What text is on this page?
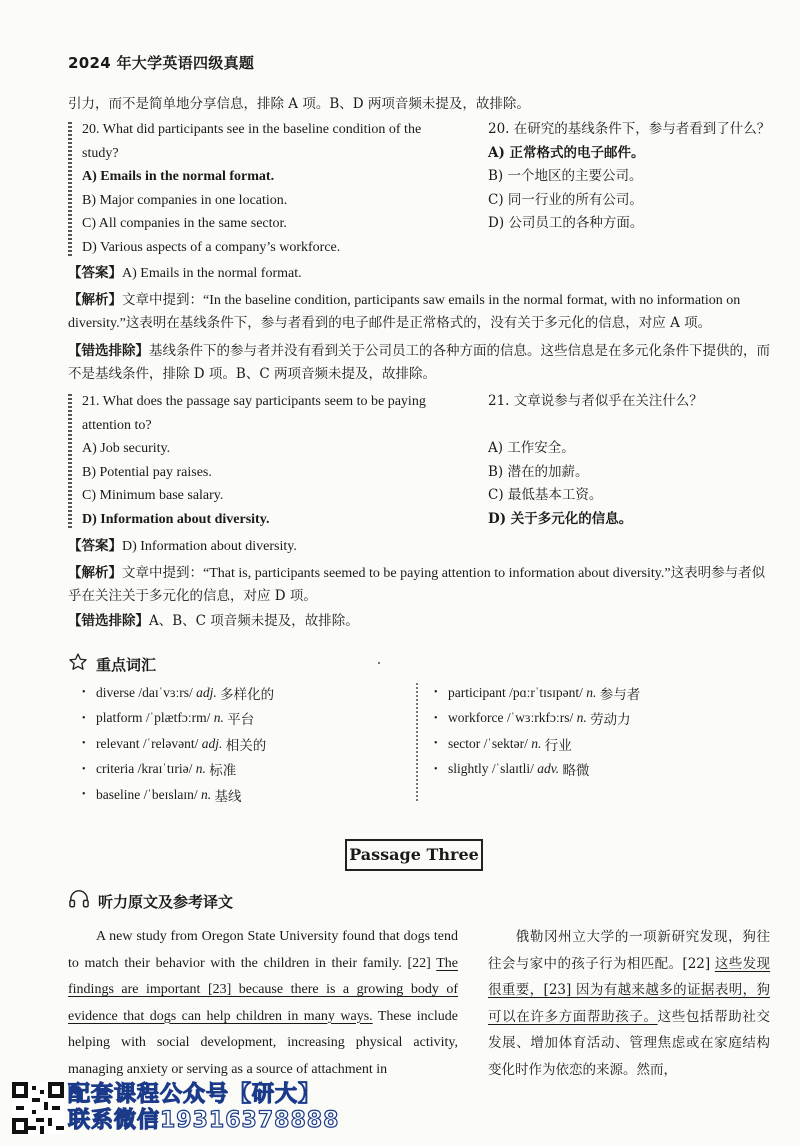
2024 年大学英语四级真题
引力，而不是简单地分享信息，排除 A 项。B、D 两项音频未提及，故排除。
20. What did participants see in the baseline condition of the study?
A) Emails in the normal format.
B) Major companies in one location.
C) All companies in the same sector.
D) Various aspects of a company’s workforce.
20. 在研究的基线条件下，参与者看到了什么？
A) 正常格式的电子邮件。
B) 一个地区的主要公司。
C) 同一行业的所有公司。
D) 公司员工的各种方面。
【答案】A) Emails in the normal format.
【解析】文章中提到：“In the baseline condition, participants saw emails in the normal format, with no information on diversity.”这表明在基线条件下，参与者看到的电子邮件是正常格式的，没有关于多元化的信息，对应 A 项。
【错选排除】基线条件下的参与者并没有看到关于公司员工的各种方面的信息。这些信息是在多元化条件下提供的，而不是基线条件，排除 D 项。B、C 两项音频未提及，故排除。
21. What does the passage say participants seem to be paying attention to?
A) Job security.
B) Potential pay raises.
C) Minimum base salary.
D) Information about diversity.
21. 文章说参与者似乎在关注什么？
A) 工作安全。
B) 潜在的加薪。
C) 最低基本工资。
D) 关于多元化的信息。
【答案】D) Information about diversity.
【解析】文章中提到：“That is, participants seemed to be paying attention to information about diversity.”这表明参与者似乎在关注关于多元化的信息，对应 D 项。
【错选排除】A、B、C 项音频未提及，故排除。
重点词汇
• diverse
/daɪˈvɜːrs/
adj.
多样化的
• platform
/ˈplætfɔːrm/
n.
平台
• relevant
/ˈreləvənt/
adj.
相关的
• criteria
/kraɪˈtɪriə/
n.
标准
• baseline
/ˈbeɪslaɪn/
n.
基线
• participant
/pɑːrˈtɪsɪpənt/
n.
参与者
• workforce
/ˈwɜːrkfɔːrs/
n.
劳动力
• sector
/ˈsektər/
n.
行业
• slightly
/ˈslaɪtli/
adv.
略微
Passage Three
听力原文及参考译文
A new study from Oregon State University found that dogs tend to match their behavior with the children in their family. [22] The findings are important [23] because there is a growing body of evidence that dogs can help children in many ways. These include helping with social development, increasing physical activity, managing anxiety or serving as a source of attachment in
俄勒冈州立大学的一项新研究发现，狗往往会与家中的孩子行为相匹配。[22] 这些发现很重要，[23] 因为有越来越多的证据表明，狗可以在许多方面帮助孩子。这些包括帮助社交发展、增加体育活动、管理焦虑或在家庭结构变化时作为依恋的来源。然而，
配套课程公众号【研大】
联系微信19316378888
